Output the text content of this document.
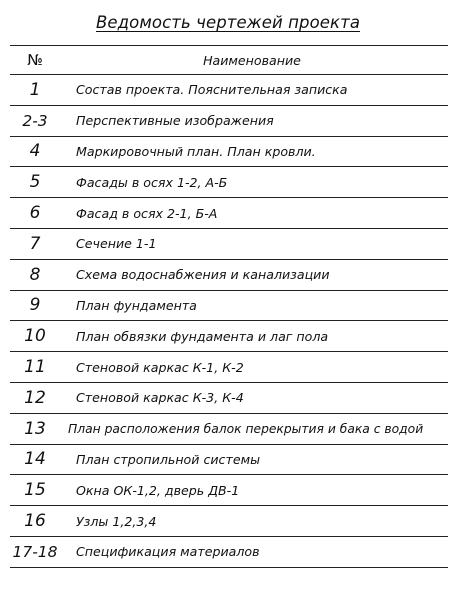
Ведомость чертежей проекта
№	Наименование
1	Состав проекта. Пояснительная записка
2-3	Перспективные изображения
4	Маркировочный план. План кровли.
5	Фасады в осях 1-2, А-Б
6	Фасад в осях 2-1, Б-А
7	Сечение 1-1
8	Схема водоснабжения и канализации
9	План фундамента
10	План обвязки фундамента и лаг пола
11	Стеновой каркас К-1, К-2
12	Стеновой каркас К-3, К-4
13	План расположения балок перекрытия и бака с водой
14	План стропильной системы
15	Окна ОК-1,2, дверь ДВ-1
16	Узлы 1,2,3,4
17-18 Спецификация материалов
